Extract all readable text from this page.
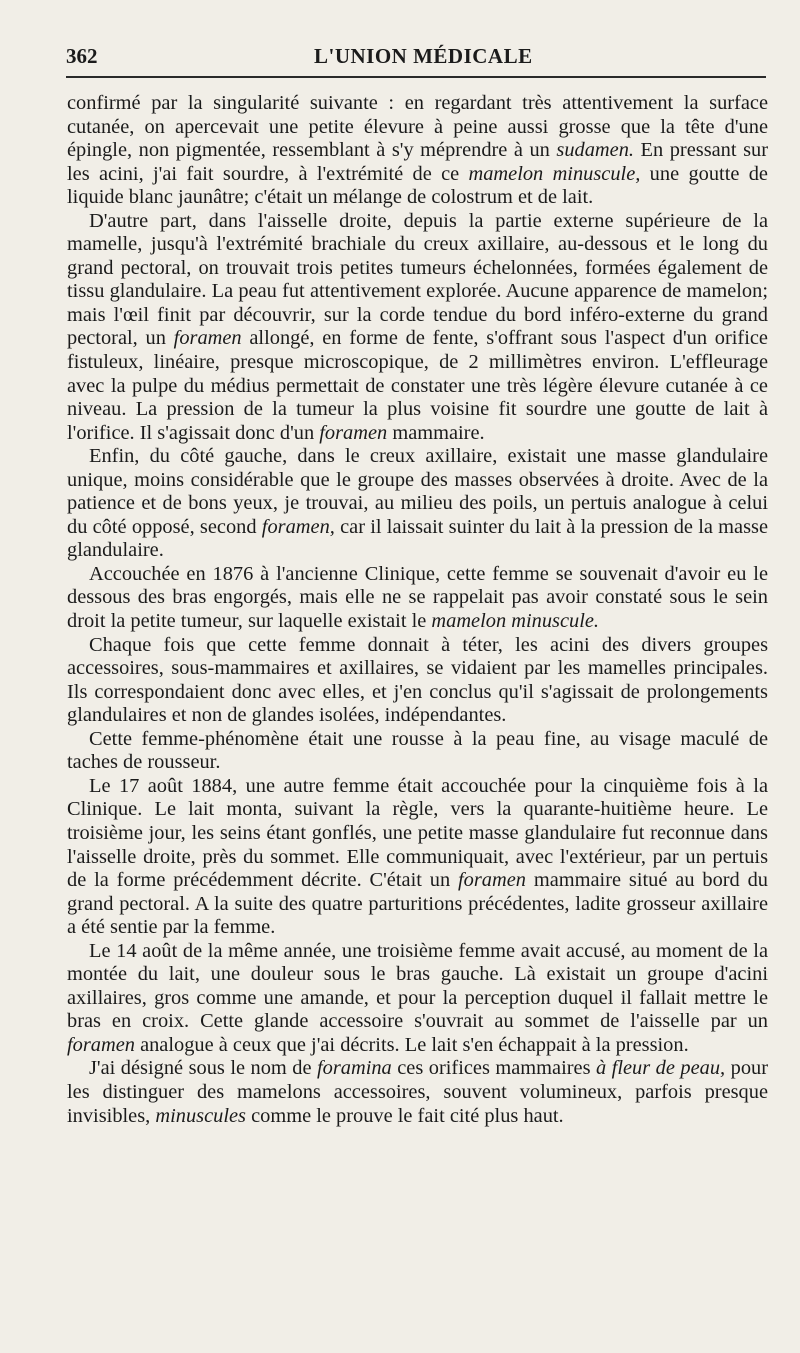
362	L'UNION MÉDICALE

confirmé par la singularité suivante : en regardant très attentivement la surface cutanée, on apercevait une petite élevure à peine aussi grosse que la tête d'une épingle, non pigmentée, ressemblant à s'y méprendre à un sudamen. En pressant sur les acini, j'ai fait sourdre, à l'extrémité de ce mamelon minuscule, une goutte de liquide blanc jaunâtre; c'était un mélange de colostrum et de lait.

D'autre part, dans l'aisselle droite, depuis la partie externe supérieure de la mamelle, jusqu'à l'extrémité brachiale du creux axillaire, au-dessous et le long du grand pectoral, on trouvait trois petites tumeurs échelonnées, formées également de tissu glandulaire. La peau fut attentivement explorée. Aucune apparence de mamelon; mais l'œil finit par découvrir, sur la corde tendue du bord inféro-externe du grand pectoral, un foramen allongé, en forme de fente, s'offrant sous l'aspect d'un orifice fistuleux, linéaire, presque microscopique, de 2 millimètres environ. L'effleurage avec la pulpe du médius permettait de constater une très légère élevure cutanée à ce niveau. La pression de la tumeur la plus voisine fit sourdre une goutte de lait à l'orifice. Il s'agissait donc d'un foramen mammaire.

Enfin, du côté gauche, dans le creux axillaire, existait une masse glandulaire unique, moins considérable que le groupe des masses observées à droite. Avec de la patience et de bons yeux, je trouvai, au milieu des poils, un pertuis analogue à celui du côté opposé, second foramen, car il laissait suinter du lait à la pression de la masse glandulaire.

Accouchée en 1876 à l'ancienne Clinique, cette femme se souvenait d'avoir eu le dessous des bras engorgés, mais elle ne se rappelait pas avoir constaté sous le sein droit la petite tumeur, sur laquelle existait le mamelon minuscule.

Chaque fois que cette femme donnait à téter, les acini des divers groupes accessoires, sous-mammaires et axillaires, se vidaient par les mamelles principales. Ils correspondaient donc avec elles, et j'en conclus qu'il s'agissait de prolongements glandulaires et non de glandes isolées, indépendantes.

Cette femme-phénomène était une rousse à la peau fine, au visage maculé de taches de rousseur.

Le 17 août 1884, une autre femme était accouchée pour la cinquième fois à la Clinique. Le lait monta, suivant la règle, vers la quarante-huitième heure. Le troisième jour, les seins étant gonflés, une petite masse glandulaire fut reconnue dans l'aisselle droite, près du sommet. Elle communiquait, avec l'extérieur, par un pertuis de la forme précédemment décrite. C'était un foramen mammaire situé au bord du grand pectoral. A la suite des quatre parturitions précédentes, ladite grosseur axillaire a été sentie par la femme.

Le 14 août de la même année, une troisième femme avait accusé, au moment de la montée du lait, une douleur sous le bras gauche. Là existait un groupe d'acini axillaires, gros comme une amande, et pour la perception duquel il fallait mettre le bras en croix. Cette glande accessoire s'ouvrait au sommet de l'aisselle par un foramen analogue à ceux que j'ai décrits. Le lait s'en échappait à la pression.

J'ai désigné sous le nom de foramina ces orifices mammaires à fleur de peau, pour les distinguer des mamelons accessoires, souvent volumineux, parfois presque invisibles, minuscules comme le prouve le fait cité plus haut.
